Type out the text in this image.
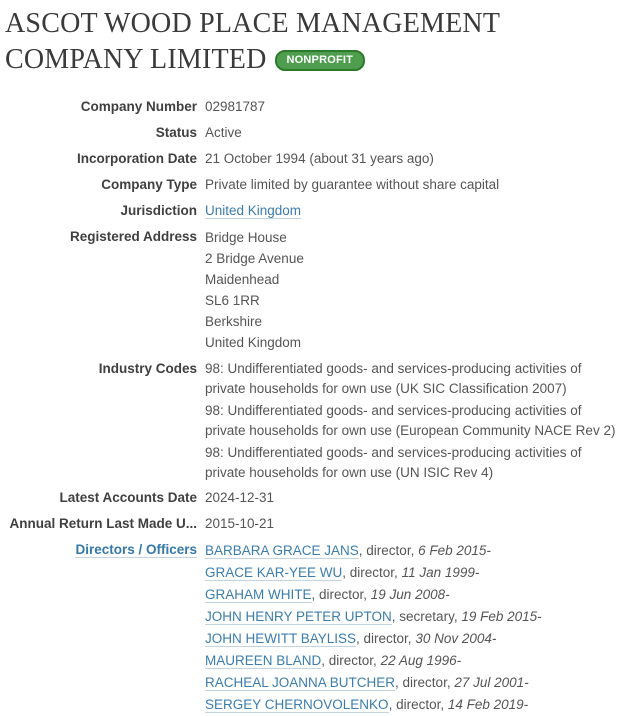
ASCOT WOOD PLACE MANAGEMENT COMPANY LIMITED NONPROFIT
Company Number 02981787
Status Active
Incorporation Date 21 October 1994 (about 31 years ago)
Company Type Private limited by guarantee without share capital
Jurisdiction United Kingdom
Registered Address Bridge House
2 Bridge Avenue
Maidenhead
SL6 1RR
Berkshire
United Kingdom
Industry Codes 98: Undifferentiated goods- and services-producing activities of private households for own use (UK SIC Classification 2007)

98: Undifferentiated goods- and services-producing activities of private households for own use (European Community NACE Rev 2)

98: Undifferentiated goods- and services-producing activities of private households for own use (UN ISIC Rev 4)

Latest Accounts Date 2024-12-31
Annual Return Last Made U... 2015-10-21
Directors / Officers BARBARA GRACE JANS, director, 6 Feb 2015-
GRACE KAR-YEE WU, director, 11 Jan 1999-
GRAHAM WHITE, director, 19 Jun 2008-
JOHN HENRY PETER UPTON, secretary, 19 Feb 2015-
JOHN HEWITT BAYLISS, director, 30 Nov 2004-
MAUREEN BLAND, director, 22 Aug 1996-
RACHEAL JOANNA BUTCHER, director, 27 Jul 2001-
SERGEY CHERNOVOLENKO, director, 14 Feb 2019-
